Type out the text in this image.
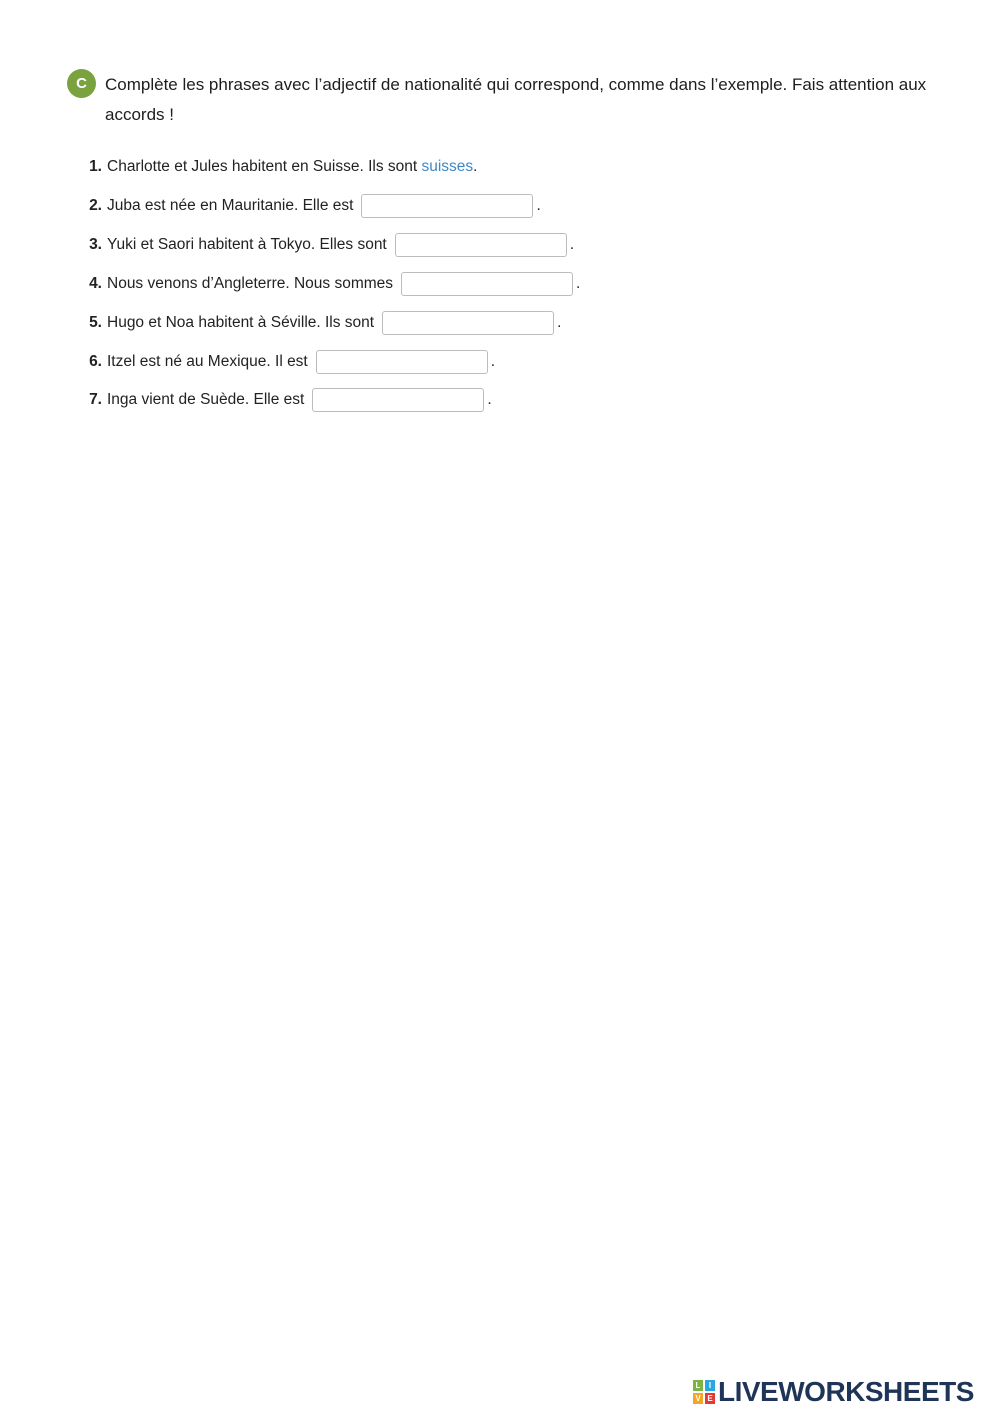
C	Complète les phrases avec l’adjectif de nationalité qui correspond, comme dans l’exemple. Fais attention aux accords !
1. Charlotte et Jules habitent en Suisse. Ils sont suisses .
2. Juba est née en Mauritanie. Elle est	.
3. Yuki et Saori habitent à Tokyo. Elles sont	.
4. Nous venons d’Angleterre. Nous sommes	.
5. Hugo et Noa habitent à Séville. Ils sont	.
6. Itzel est né au Mexique. Il est	.
7. Inga vient de Suède. Elle est	.
L	I
V E LIVEWORKSHEETS
